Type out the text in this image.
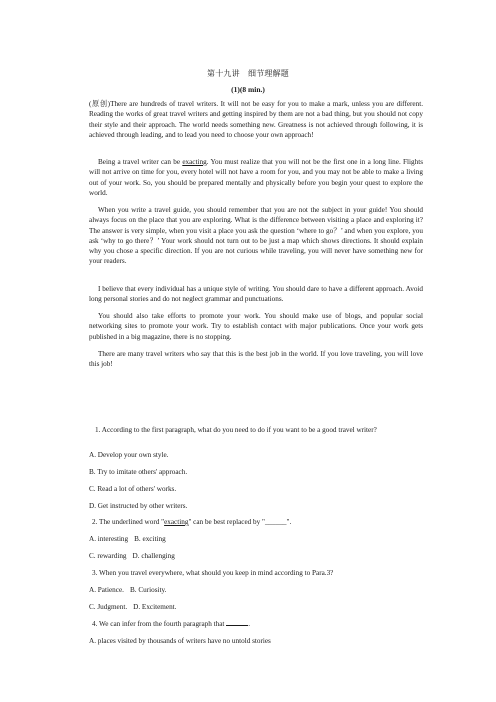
第十九讲　细节理解题
(1)(8 min.)
(原创)There are hundreds of travel writers. It will not be easy for you to make a mark, unless you are different. Reading the works of great travel writers and getting inspired by them are not a bad thing, but you should not copy their style and their approach. The world needs something new. Greatness is not achieved through following, it is achieved through leading, and to lead you need to choose your own approach!
Being a travel writer can be exacting. You must realize that you will not be the first one in a long line. Flights will not arrive on time for you, every hotel will not have a room for you, and you may not be able to make a living out of your work. So, you should be prepared mentally and physically before you begin your quest to explore the world.
When you write a travel guide, you should remember that you are not the subject in your guide! You should always focus on the place that you are exploring. What is the difference between visiting a place and exploring it? The answer is very simple, when you visit a place you ask the question ‘where to go？’ and when you explore, you ask ‘why to go there？’ Your work should not turn out to be just a map which shows directions. It should explain why you chose a specific direction. If you are not curious while traveling, you will never have something new for your readers.
I believe that every individual has a unique style of writing. You should dare to have a different approach. Avoid long personal stories and do not neglect grammar and punctuations.
You should also take efforts to promote your work. You should make use of blogs, and popular social networking sites to promote your work. Try to establish contact with major publications. Once your work gets published in a big magazine, there is no stopping.
There are many travel writers who say that this is the best job in the world. If you love traveling, you will love this job!
1. According to the first paragraph, what do you need to do if you want to be a good travel writer?
A. Develop your own style.
B. Try to imitate others' approach.
C. Read a lot of others' works.
D. Get instructed by other writers.
2. The underlined word "exacting" can be best replaced by "______".
A. interesting B. exciting
C. rewarding D. challenging
3. When you travel everywhere, what should you keep in mind according to Para.3?
A. Patience. B. Curiosity.
C. Judgment. D. Excitement.
4. We can infer from the fourth paragraph that	.
A. places visited by thousands of writers have no untold stories
